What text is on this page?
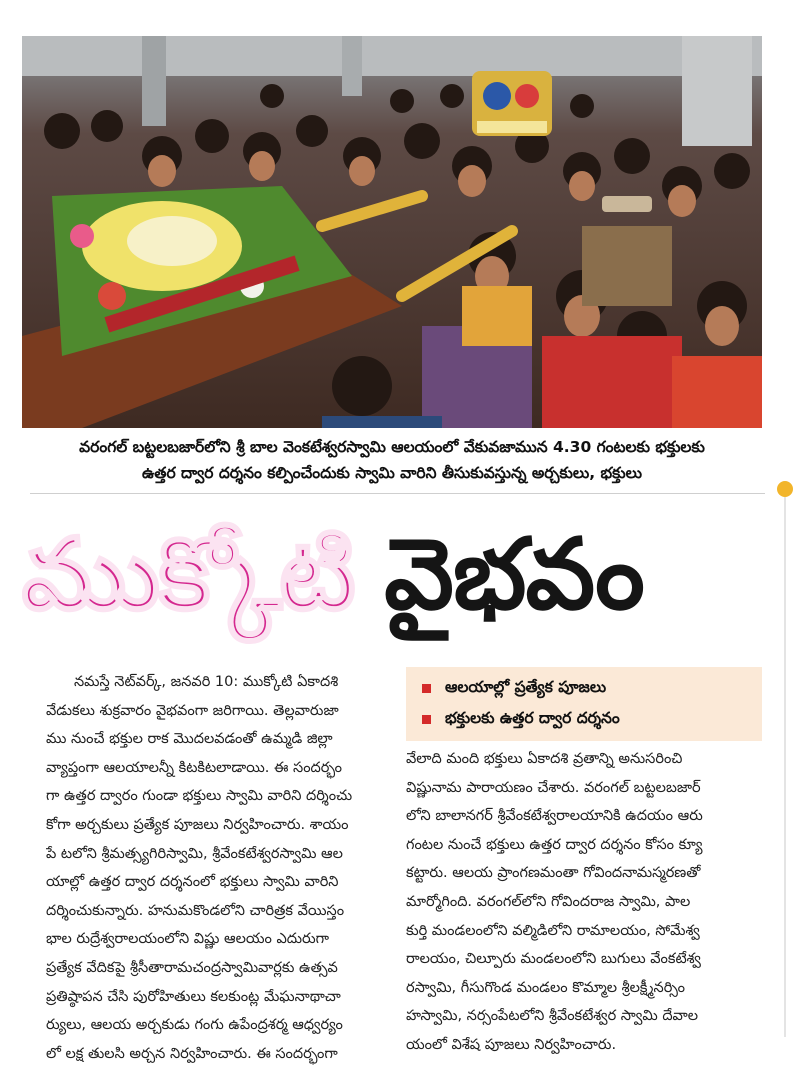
వరంగల్ బట్టలబజార్‌లోని శ్రీ బాల వెంకటేశ్వరస్వామి ఆలయంలో వేకువజామున 4.30 గంటలకు భక్తులకు
ఉత్తర ద్వార దర్శనం కల్పించేందుకు స్వామి వారిని తీసుకువస్తున్న అర్చకులు, భక్తులు
ముక్కోటి వైభవం
నమస్తే నెట్‌వర్క్‌, జనవరి 10: ముక్కోటి ఏకాదశి
వేడుకలు శుక్రవారం వైభవంగా జరిగాయి. తెల్లవారుజా
ము నుంచే భక్తుల రాక మొదలవడంతో ఉమ్మడి జిల్లా
వ్యాప్తంగా ఆలయాలన్నీ కిటకిటలాడాయి. ఈ సందర్భం
గా ఉత్తర ద్వారం గుండా భక్తులు స్వామి వారిని దర్శించు
కోగా అర్చకులు ప్రత్యేక పూజలు నిర్వహించారు. శాయం
పే టలోని శ్రీమత్స్యగిరిస్వామి, శ్రీవేంకటేశ్వరస్వామి ఆల
యాల్లో ఉత్తర ద్వార దర్శనంలో భక్తులు స్వామి వారిని
దర్శించుకున్నారు. హనుమకొండలోని చారిత్రక వేయిస్తం
భాల రుద్రేశ్వరాలయంలోని విష్ణు ఆలయం ఎదురుగా
ప్రత్యేక వేదికపై శ్రీసీతారామచంద్రస్వామివార్లకు ఉత్సవ
ప్రతిష్ఠాపన చేసి పురోహితులు కలకుంట్ల మేఘనాథాచా
ర్యులు, ఆలయ అర్చకుడు గంగు ఉపేంద్రశర్మ ఆధ్వర్యం
లో లక్ష తులసి అర్చన నిర్వహించారు. ఈ సందర్భంగా
ఆలయాల్లో ప్రత్యేక పూజలు
భక్తులకు ఉత్తర ద్వార దర్శనం
వేలాది మంది భక్తులు ఏకాదశి వ్రతాన్ని అనుసరించి
విష్ణునామ పారాయణం చేశారు. వరంగల్ బట్టలబజార్
లోని బాలానగర్ శ్రీవేంకటేశ్వరాలయానికి ఉదయం ఆరు
గంటల నుంచే భక్తులు ఉత్తర ద్వార దర్శనం కోసం క్యూ
కట్టారు. ఆలయ ప్రాంగణమంతా గోవిందనామస్మరణతో
మార్మోగింది. వరంగల్‌లోని గోవిందరాజ స్వామి, పాల
కుర్తి మండలంలోని వల్మిడిలోని రామాలయం, సోమేశ్వ
రాలయం, చిల్పూరు మండలంలోని బుగులు వేంకటేశ్వ
రస్వామి, గీసుగొండ మండలం కొమ్మాల శ్రీలక్ష్మీనర్సిం
హస్వామి, నర్సంపేటలోని శ్రీవేంకటేశ్వర స్వామి దేవాల
యంలో విశేష పూజలు నిర్వహించారు.
